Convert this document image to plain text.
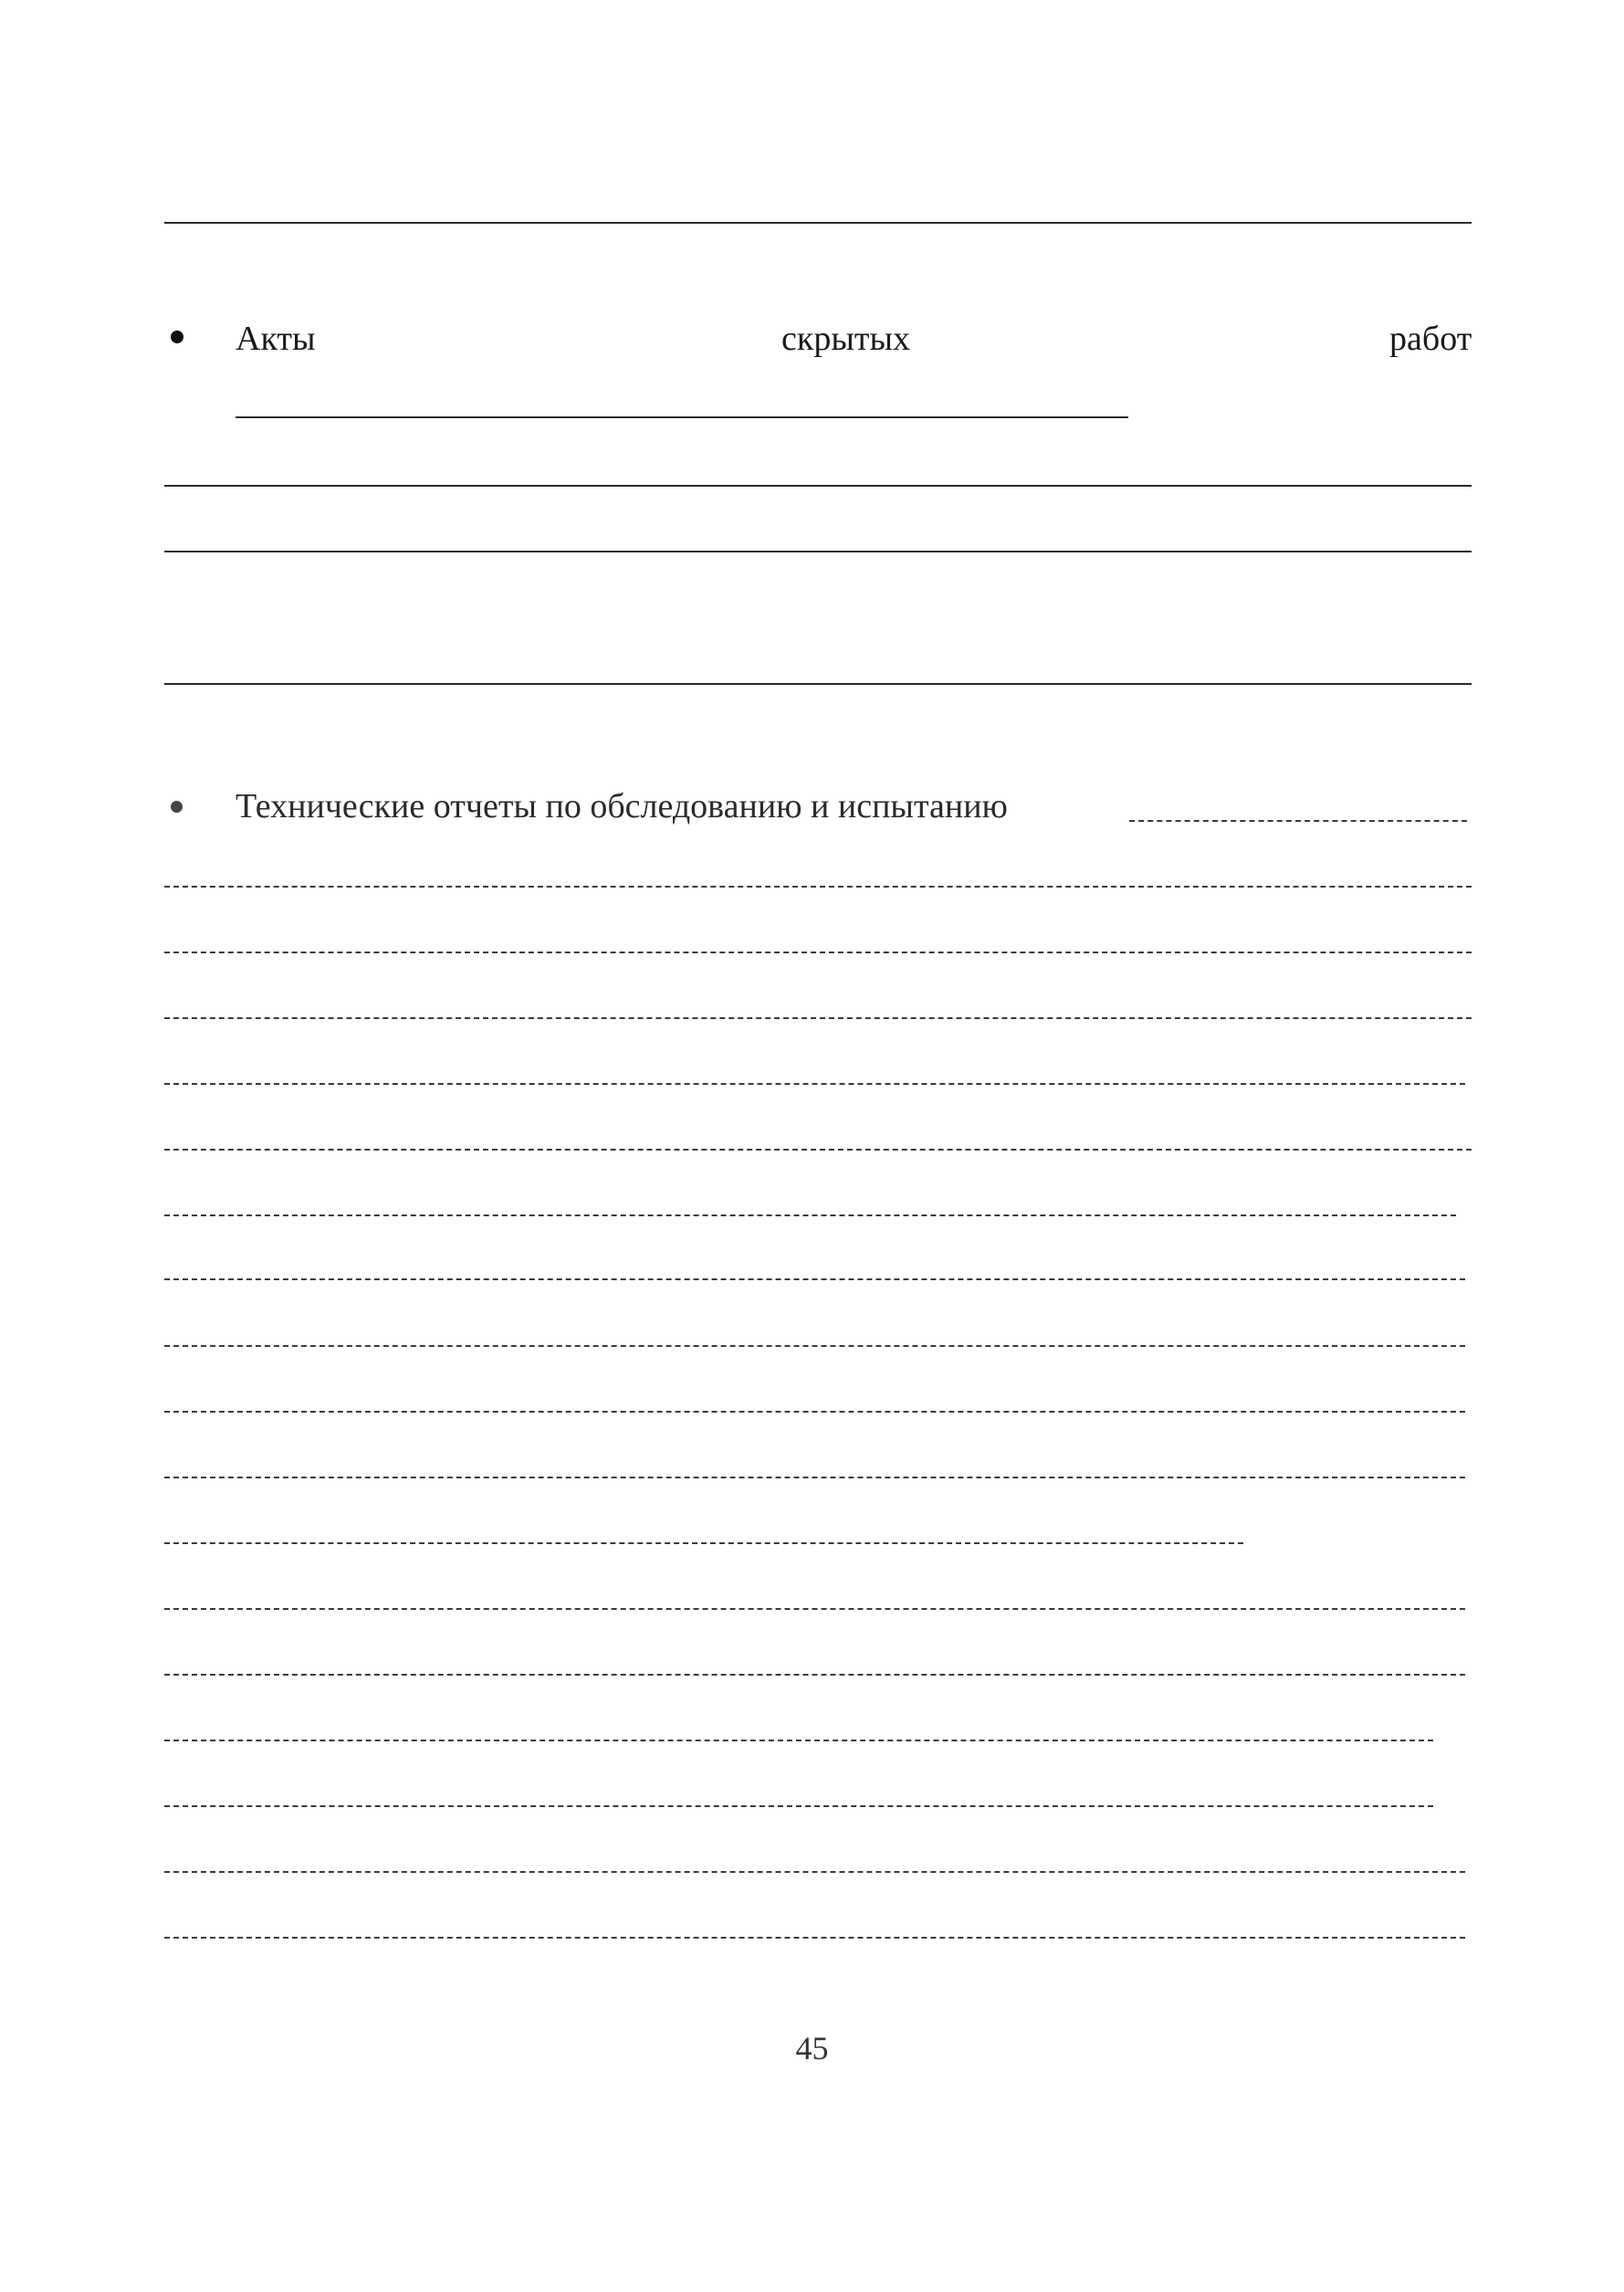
Акты	скрытых	работ
Технические отчеты по обследованию и испытанию
45
